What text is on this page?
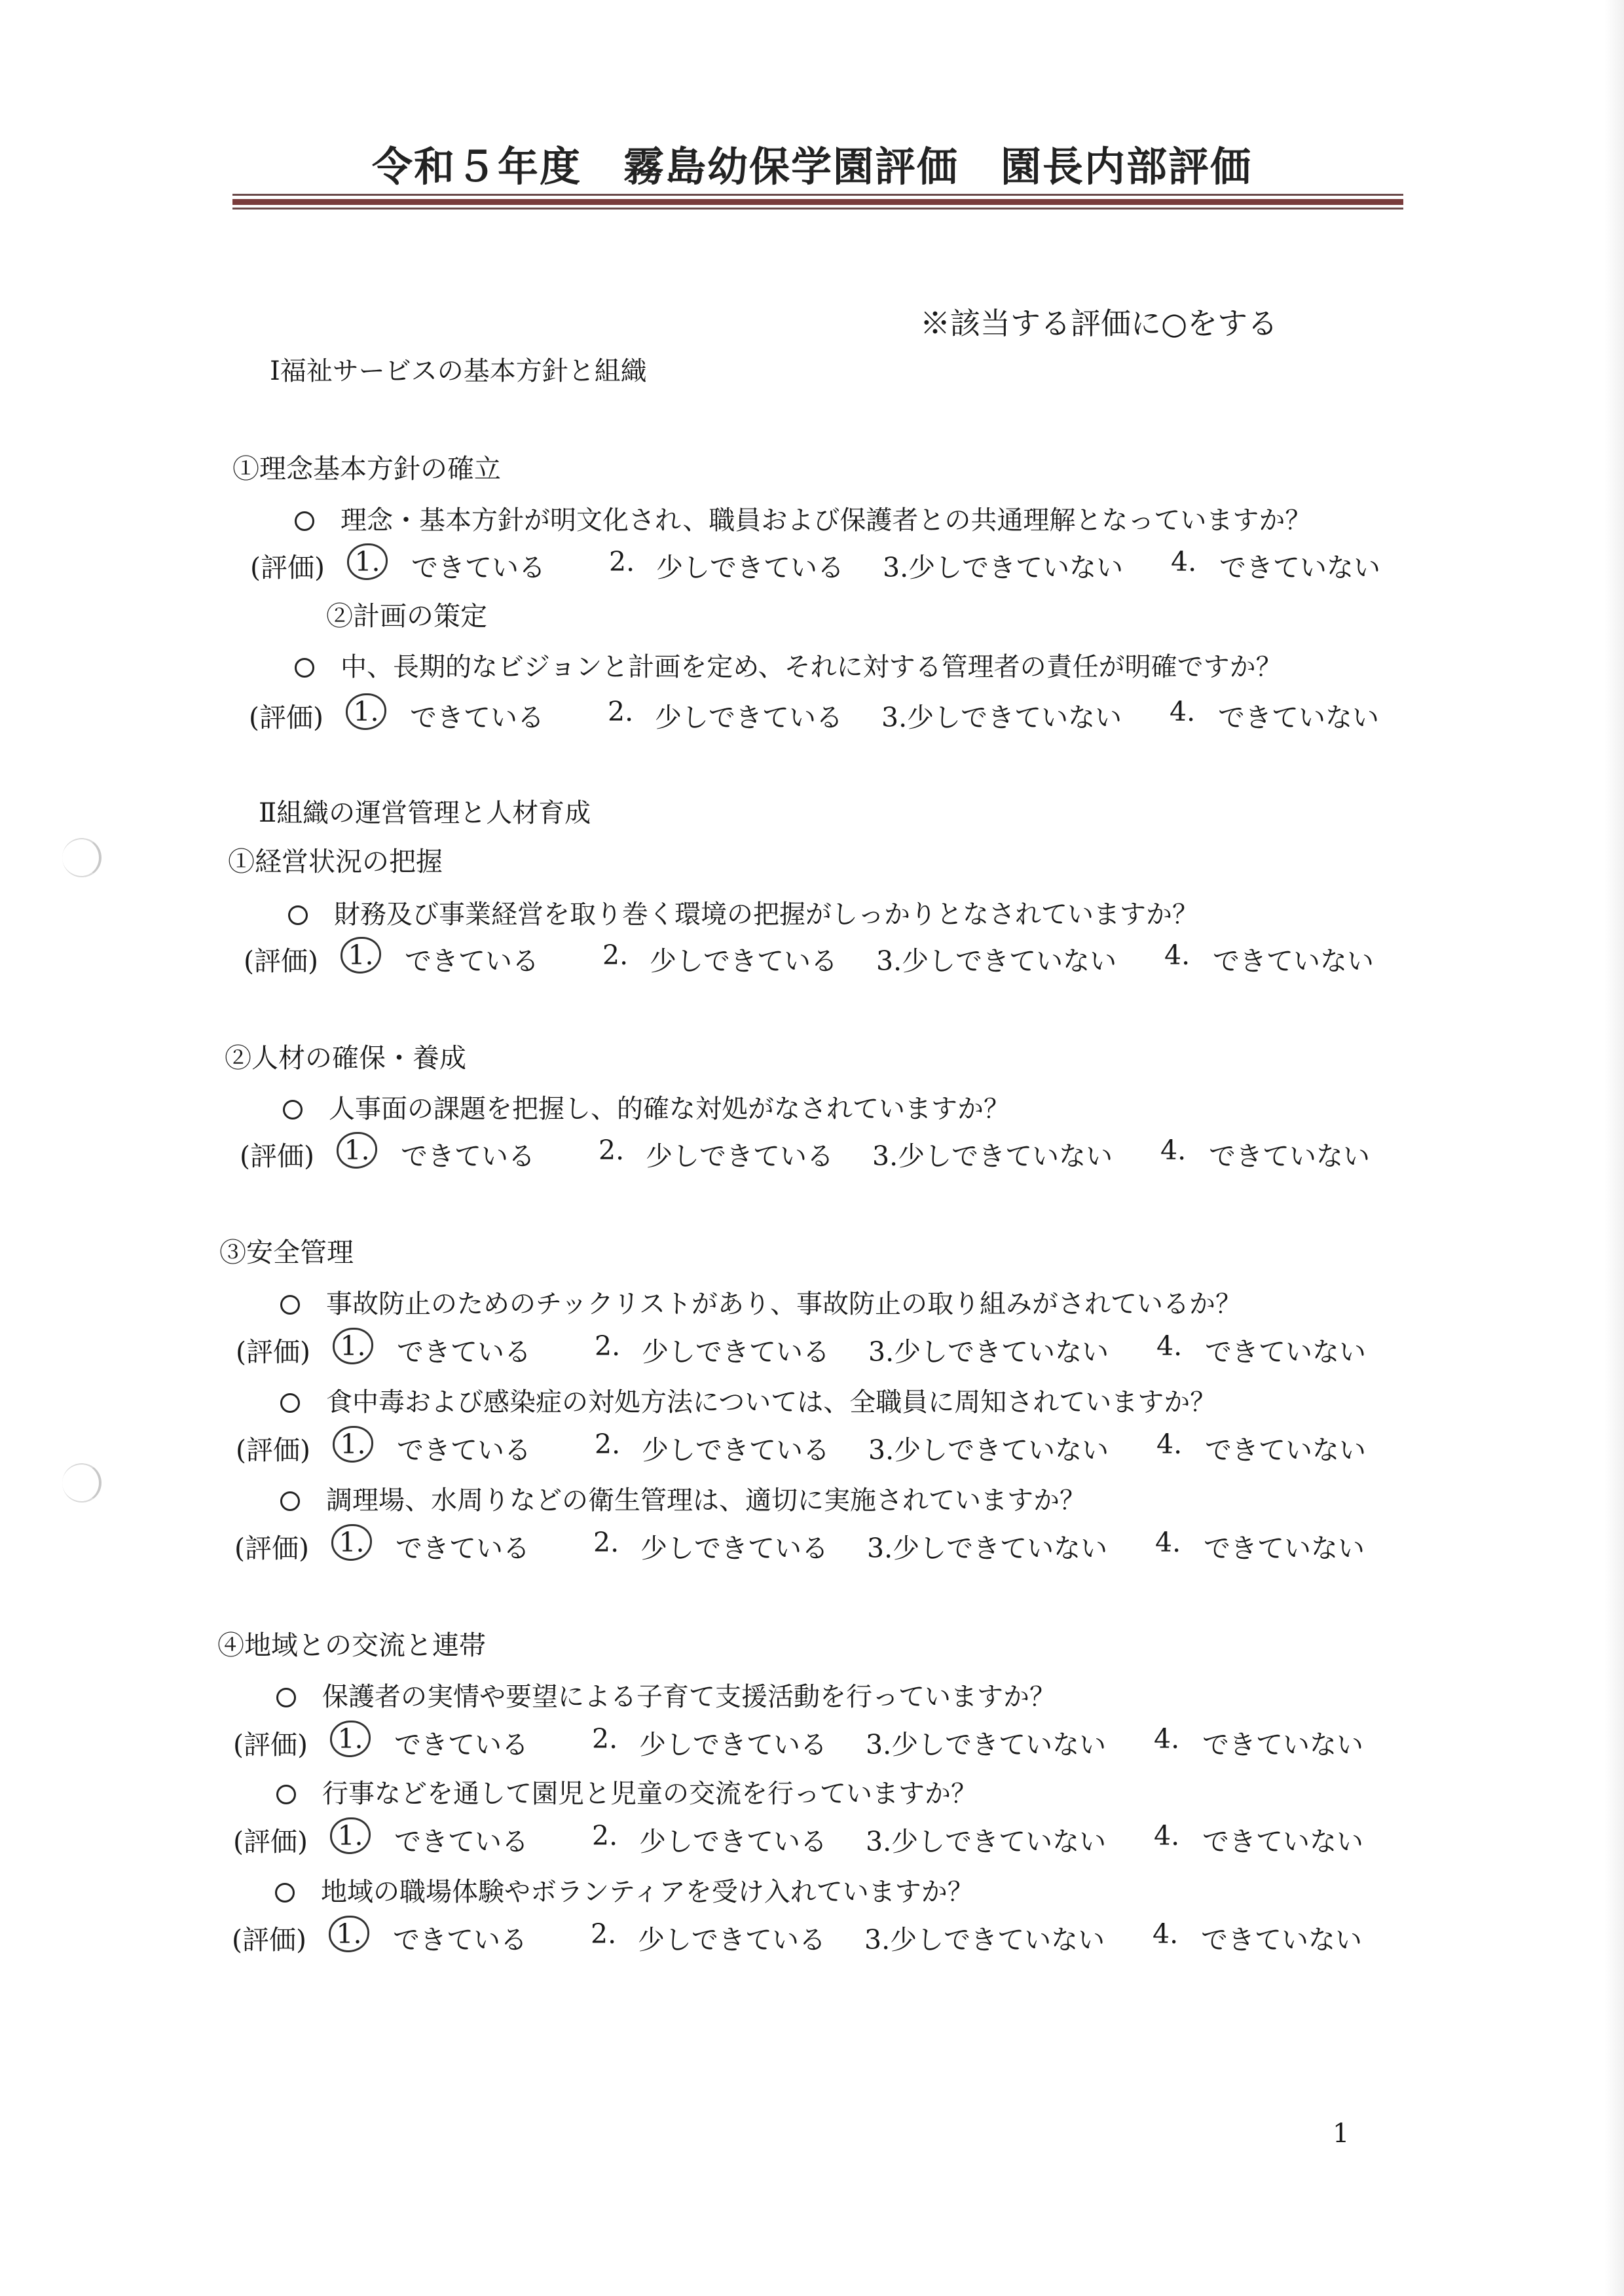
令和５年度　霧島幼保学園評価　園長内部評価
※該当する評価に○をする
Ⅰ福祉サービスの基本方針と組織
①理念基本方針の確立
理念・基本方針が明文化され、職員および保護者との共通理解となっていますか？
(評価) 1. できている 2. 少しできている 3.少しできていない 4. できていない
②計画の策定
中、長期的なビジョンと計画を定め、それに対する管理者の責任が明確ですか？
(評価) 1. できている 2. 少しできている 3.少しできていない 4. できていない
Ⅱ組織の運営管理と人材育成
①経営状況の把握
財務及び事業経営を取り巻く環境の把握がしっかりとなされていますか？
(評価) 1. できている 2. 少しできている 3.少しできていない 4. できていない
②人材の確保・養成
人事面の課題を把握し、的確な対処がなされていますか？
(評価) 1. できている 2. 少しできている 3.少しできていない 4. できていない
③安全管理
事故防止のためのチックリストがあり、事故防止の取り組みがされているか？
(評価) 1. できている 2. 少しできている 3.少しできていない 4. できていない
食中毒および感染症の対処方法については、全職員に周知されていますか？
(評価) 1. できている 2. 少しできている 3.少しできていない 4. できていない
調理場、水周りなどの衛生管理は、適切に実施されていますか？
(評価) 1. できている 2. 少しできている 3.少しできていない 4. できていない
④地域との交流と連帯
保護者の実情や要望による子育て支援活動を行っていますか？
(評価) 1. できている 2. 少しできている 3.少しできていない 4. できていない
行事などを通して園児と児童の交流を行っていますか？
(評価) 1. できている 2. 少しできている 3.少しできていない 4. できていない
地域の職場体験やボランティアを受け入れていますか？
(評価) 1. できている 2. 少しできている 3.少しできていない 4. できていない
1
